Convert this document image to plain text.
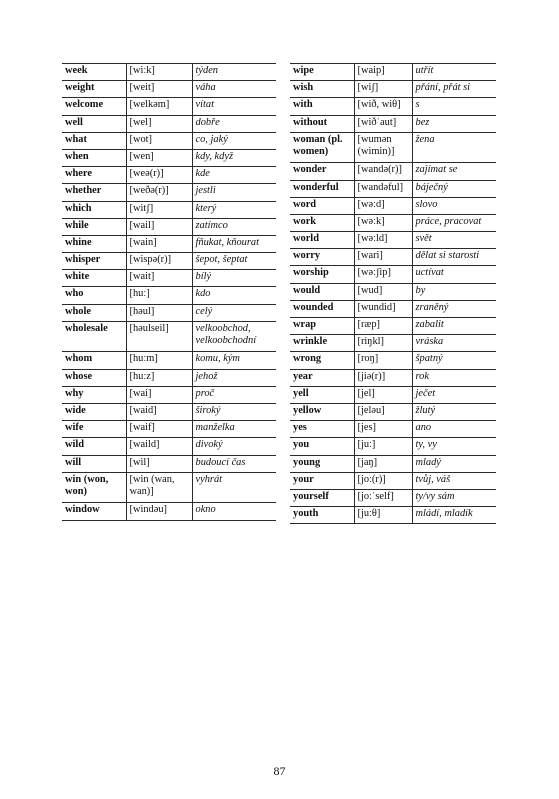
week	[wiːk]	týden
weight	[weit]	váha
welcome	[welkəm]	vítat
well	[wel]	dobře
what	[wot]	co, jaký
when	[wen]	kdy, když
where	[weə(r)]	kde
whether	[weðə(r)]	jestli
which	[witʃ]	který
while	[wail]	zatímco
whine	[wain]	fňukat, kňourat
whisper	[wispə(r)]	šepot, šeptat
white	[wait]	bílý
who	[huː]	kdo
whole	[həul]	celý
wholesale	[həulseil]	velkoobchod, velkoobchodní
whom	[huːm]	komu, kým
whose	[huːz]	jehož
why	[wai]	proč
wide	[waid]	široký
wife	[waif]	manželka
wild	[waild]	divoký
will	[wil]	budoucí čas
win (won, won)	[win (wan, wan)]	vyhrát
window	[windəu]	okno
wipe	[waip]	utřít
wish	[wiʃ]	přání, přát si
with	[wið, wiθ]	s
without	[wiðˈaut]	bez
woman (pl. women)	[wumən (wimin)]	žena
wonder	[wandə(r)]	zajímat se
wonderful	[wandəful]	báječný
word	[wəːd]	slovo
work	[wəːk]	práce, pracovat
world	[wəːld]	svět
worry	[wari]	dělat si starosti
worship	[wəːʃip]	uctívat
would	[wud]	by
wounded	[wundid]	zraněný
wrap	[ræp]	zabalit
wrinkle	[riŋkl]	vráska
wrong	[roŋ]	špatný
year	[jiə(r)]	rok
yell	[jel]	ječet
yellow	[jeləu]	žlutý
yes	[jes]	ano
you	[juː]	ty, vy
young	[jaŋ]	mladý
your	[joː(r)]	tvůj, váš
yourself	[joːˈself]	ty/vy sám
youth	[juːθ]	mládí, mladík
87
